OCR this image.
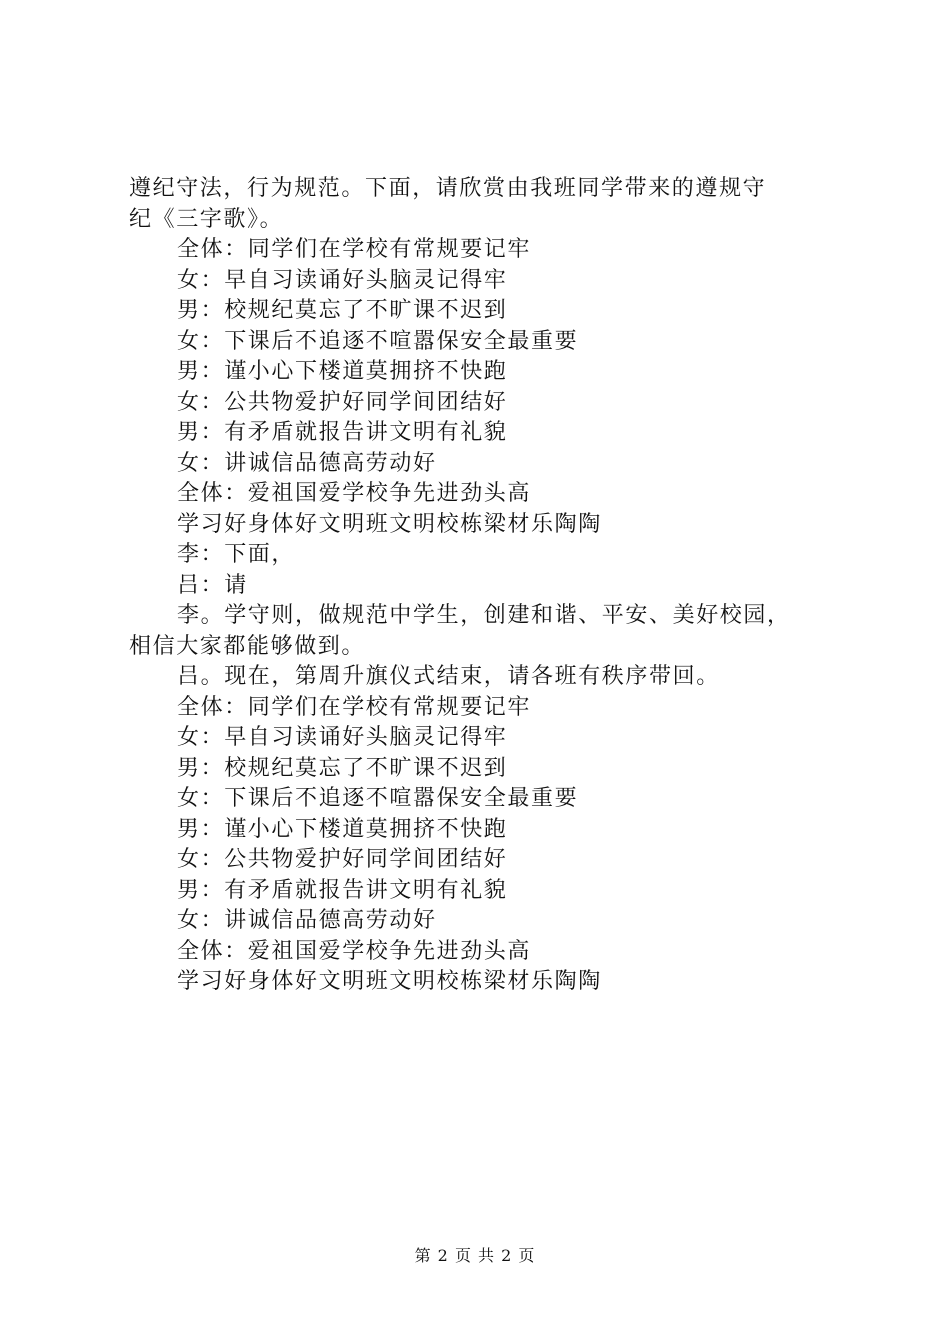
遵纪守法，行为规范。下面，请欣赏由我班同学带来的遵规守
纪《三字歌》。
全体：同学们在学校有常规要记牢
女：早自习读诵好头脑灵记得牢
男：校规纪莫忘了不旷课不迟到
女：下课后不追逐不喧嚣保安全最重要
男：谨小心下楼道莫拥挤不快跑
女：公共物爱护好同学间团结好
男：有矛盾就报告讲文明有礼貌
女：讲诚信品德高劳动好
全体：爱祖国爱学校争先进劲头高
学习好身体好文明班文明校栋梁材乐陶陶
李：下面，
吕：请
李。学守则，做规范中学生，创建和谐、平安、美好校园，
相信大家都能够做到。
吕。现在，第周升旗仪式结束，请各班有秩序带回。
全体：同学们在学校有常规要记牢
女：早自习读诵好头脑灵记得牢
男：校规纪莫忘了不旷课不迟到
女：下课后不追逐不喧嚣保安全最重要
男：谨小心下楼道莫拥挤不快跑
女：公共物爱护好同学间团结好
男：有矛盾就报告讲文明有礼貌
女：讲诚信品德高劳动好
全体：爱祖国爱学校争先进劲头高
学习好身体好文明班文明校栋梁材乐陶陶
第 2 页 共 2 页
